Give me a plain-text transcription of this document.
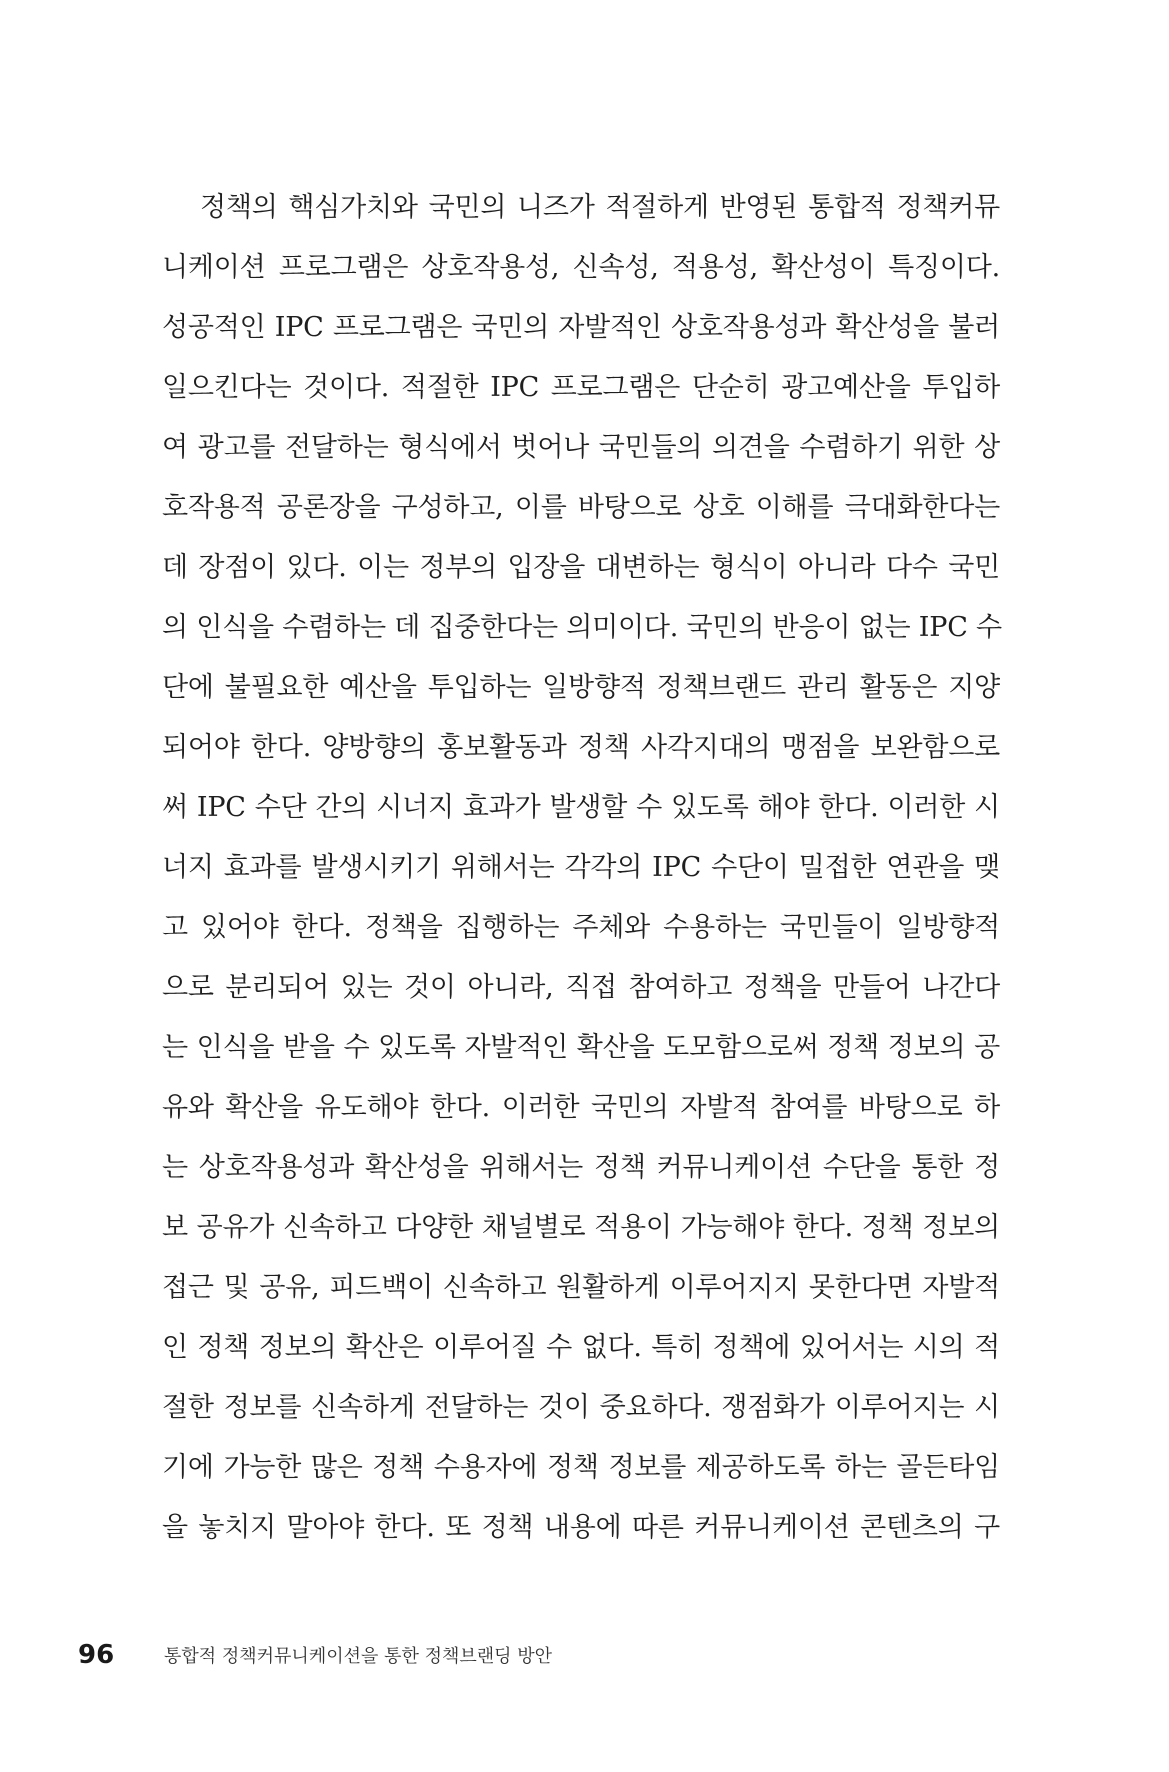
정책의 핵심가치와 국민의 니즈가 적절하게 반영된 통합적 정책커뮤
니케이션 프로그램은 상호작용성, 신속성, 적용성, 확산성이 특징이다.
성공적인 IPC 프로그램은 국민의 자발적인 상호작용성과 확산성을 불러
일으킨다는 것이다. 적절한 IPC 프로그램은 단순히 광고예산을 투입하
여 광고를 전달하는 형식에서 벗어나 국민들의 의견을 수렴하기 위한 상
호작용적 공론장을 구성하고, 이를 바탕으로 상호 이해를 극대화한다는
데 장점이 있다. 이는 정부의 입장을 대변하는 형식이 아니라 다수 국민
의 인식을 수렴하는 데 집중한다는 의미이다. 국민의 반응이 없는 IPC 수
단에 불필요한 예산을 투입하는 일방향적 정책브랜드 관리 활동은 지양
되어야 한다. 양방향의 홍보활동과 정책 사각지대의 맹점을 보완함으로
써 IPC 수단 간의 시너지 효과가 발생할 수 있도록 해야 한다. 이러한 시
너지 효과를 발생시키기 위해서는 각각의 IPC 수단이 밀접한 연관을 맺
고 있어야 한다. 정책을 집행하는 주체와 수용하는 국민들이 일방향적
으로 분리되어 있는 것이 아니라, 직접 참여하고 정책을 만들어 나간다
는 인식을 받을 수 있도록 자발적인 확산을 도모함으로써 정책 정보의 공
유와 확산을 유도해야 한다. 이러한 국민의 자발적 참여를 바탕으로 하
는 상호작용성과 확산성을 위해서는 정책 커뮤니케이션 수단을 통한 정
보 공유가 신속하고 다양한 채널별로 적용이 가능해야 한다. 정책 정보의
접근 및 공유, 피드백이 신속하고 원활하게 이루어지지 못한다면 자발적
인 정책 정보의 확산은 이루어질 수 없다. 특히 정책에 있어서는 시의 적
절한 정보를 신속하게 전달하는 것이 중요하다. 쟁점화가 이루어지는 시
기에 가능한 많은 정책 수용자에 정책 정보를 제공하도록 하는 골든타임
을 놓치지 말아야 한다. 또 정책 내용에 따른 커뮤니케이션 콘텐츠의 구
96	통합적 정책커뮤니케이션을 통한 정책브랜딩 방안
